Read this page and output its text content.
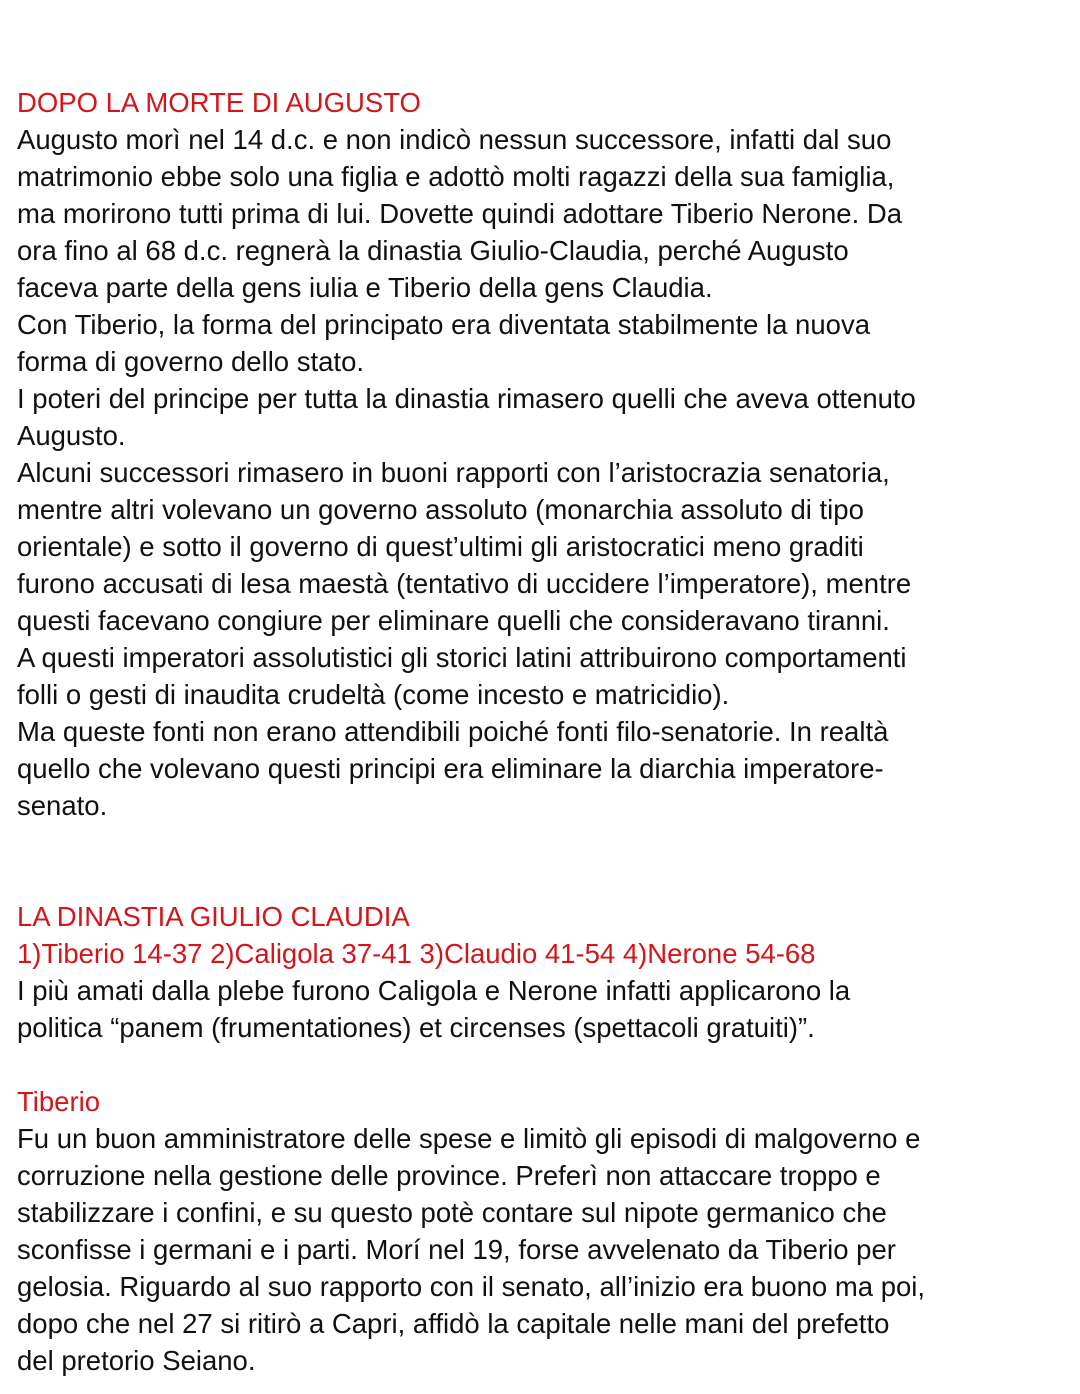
DOPO LA MORTE DI AUGUSTO
Augusto morì nel 14 d.c. e non indicò nessun successore, infatti dal suo
matrimonio ebbe solo una figlia e adottò molti ragazzi della sua famiglia,
ma morirono tutti prima di lui. Dovette quindi adottare Tiberio Nerone. Da
ora fino al 68 d.c. regnerà la dinastia Giulio-Claudia, perché Augusto
faceva parte della gens iulia e Tiberio della gens Claudia.
Con Tiberio, la forma del principato era diventata stabilmente la nuova
forma di governo dello stato.
I poteri del principe per tutta la dinastia rimasero quelli che aveva ottenuto
Augusto.
Alcuni successori rimasero in buoni rapporti con l’aristocrazia senatoria,
mentre altri volevano un governo assoluto (monarchia assoluto di tipo
orientale) e sotto il governo di quest’ultimi gli aristocratici meno graditi
furono accusati di lesa maestà (tentativo di uccidere l’imperatore), mentre
questi facevano congiure per eliminare quelli che consideravano tiranni.
A questi imperatori assolutistici gli storici latini attribuirono comportamenti
folli o gesti di inaudita crudeltà (come incesto e matricidio).
Ma queste fonti non erano attendibili poiché fonti filo-senatorie. In realtà
quello che volevano questi principi era eliminare la diarchia imperatore-
senato.
LA DINASTIA GIULIO CLAUDIA
1)Tiberio 14-37 2)Caligola 37-41 3)Claudio 41-54 4)Nerone 54-68
I più amati dalla plebe furono Caligola e Nerone infatti applicarono la
politica “panem (frumentationes) et circenses (spettacoli gratuiti)”.
Tiberio
Fu un buon amministratore delle spese e limitò gli episodi di malgoverno e
corruzione nella gestione delle province. Preferì non attaccare troppo e
stabilizzare i confini, e su questo potè contare sul nipote germanico che
sconfisse i germani e i parti. Morí nel 19, forse avvelenato da Tiberio per
gelosia. Riguardo al suo rapporto con il senato, all’inizio era buono ma poi,
dopo che nel 27 si ritirò a Capri, affidò la capitale nelle mani del prefetto
del pretorio Seiano.
